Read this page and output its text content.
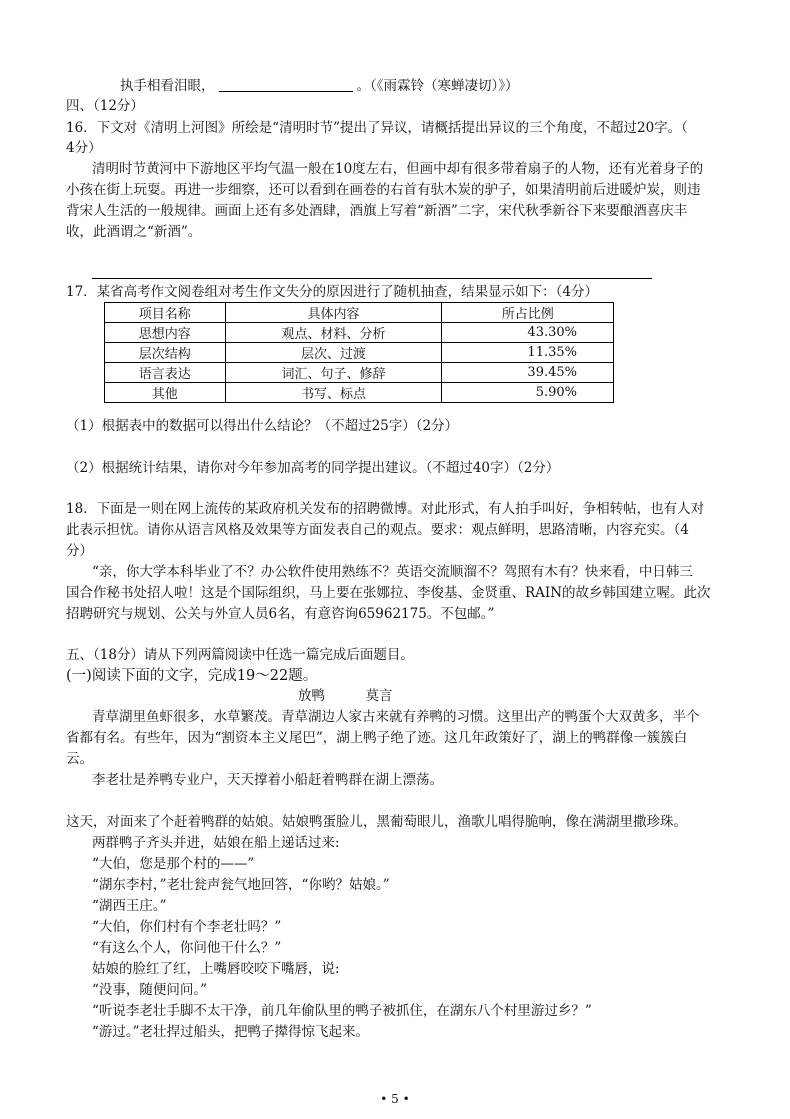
执手相看泪眼，	。（《雨霖铃（寒蝉凄切）》）
四、（12分）
16．下文对《清明上河图》所绘是“清明时节”提出了异议，请概括提出异议的三个角度，不超过20字。（
4分）
清明时节黄河中下游地区平均气温一般在10度左右，但画中却有很多带着扇子的人物，还有光着身子的
小孩在街上玩耍。再进一步细察，还可以看到在画卷的右首有驮木炭的驴子，如果清明前后进暖炉炭，则违
背宋人生活的一般规律。画面上还有多处酒肆，酒旗上写着“新酒”二字，宋代秋季新谷下来要酿酒喜庆丰
收，此酒谓之“新酒”。
17．某省高考作文阅卷组对考生作文失分的原因进行了随机抽查，结果显示如下：（4分）
项目名称	具体内容	所占比例
思想内容	观点、材料、分析	43.30%
层次结构	层次、过渡	11.35%
语言表达	词汇、句子、修辞	39.45%
其他	书写、标点	5.90%
（1）根据表中的数据可以得出什么结论？（不超过25字）（2分）
（2）根据统计结果，请你对今年参加高考的同学提出建议。（不超过40字）（2分）
18．下面是一则在网上流传的某政府机关发布的招聘微博。对此形式，有人拍手叫好，争相转帖，也有人对
此表示担忧。请你从语言风格及效果等方面发表自己的观点。要求：观点鲜明，思路清晰，内容充实。（4
分）
“亲，你大学本科毕业了不？办公软件使用熟练不？英语交流顺溜不？驾照有木有？快来看，中日韩三
国合作秘书处招人啦！这是个国际组织，马上要在张娜拉、李俊基、金贤重、RAIN的故乡韩国建立喔。此次
招聘研究与规划、公关与外宣人员6名，有意咨询65962175。不包邮。”
五、（18分）请从下列两篇阅读中任选一篇完成后面题目。
(一)阅读下面的文字，完成19～22题。
放鸭　　　莫言
青草湖里鱼虾很多，水草繁茂。青草湖边人家古来就有养鸭的习惯。这里出产的鸭蛋个大双黄多，半个
省都有名。有些年，因为“割资本主义尾巴”，湖上鸭子绝了迹。这几年政策好了，湖上的鸭群像一簇簇白
云。
李老壮是养鸭专业户，天天撑着小船赶着鸭群在湖上漂荡。
这天，对面来了个赶着鸭群的姑娘。姑娘鸭蛋脸儿，黑葡萄眼儿，渔歌儿唱得脆响，像在满湖里撒珍珠。
两群鸭子齐头并进，姑娘在船上递话过来:
“大伯，您是那个村的——”
“湖东李村，”老壮瓮声瓮气地回答，“你哟？姑娘。”
“湖西王庄。”
“大伯，你们村有个李老壮吗？”
“有这么个人，你问他干什么？”
姑娘的脸红了红，上嘴唇咬咬下嘴唇，说:
“没事，随便问问。”
“听说李老壮手脚不太干净，前几年偷队里的鸭子被抓住，在湖东八个村里游过乡？”
“游过。”老壮捍过船头，把鸭子撵得惊飞起来。
• 5 •
